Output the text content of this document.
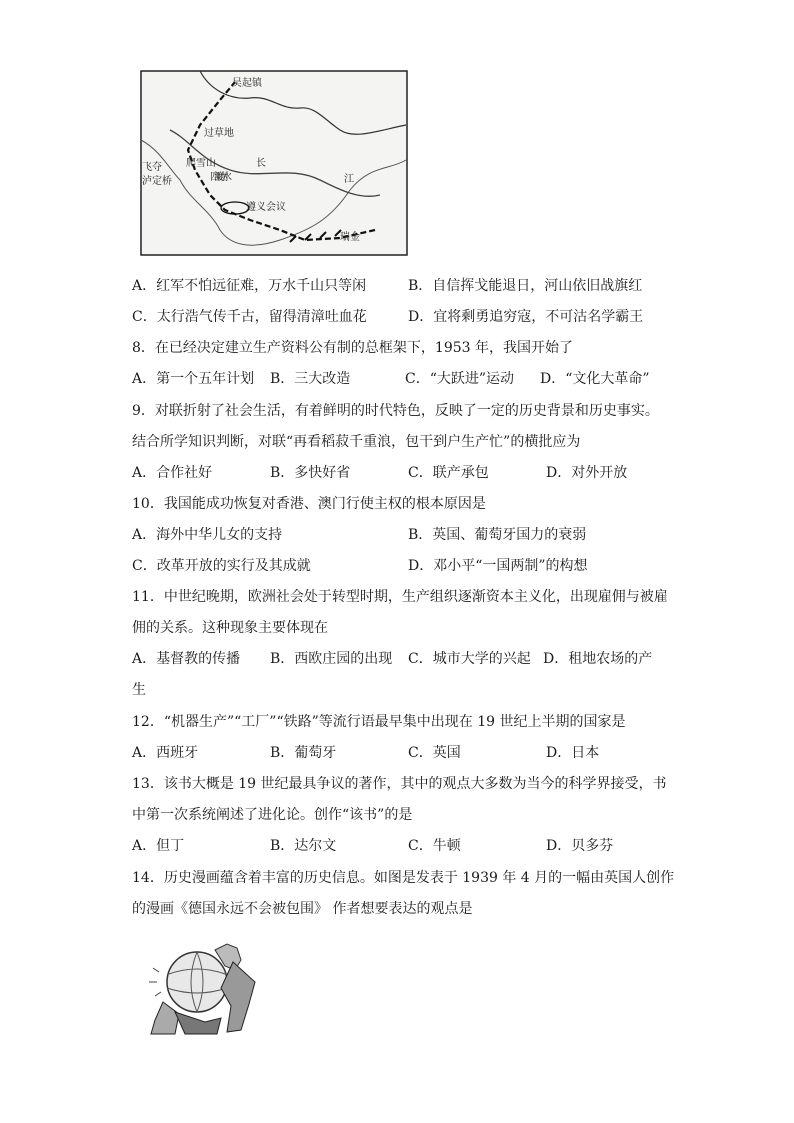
吴起镇
过草地
爬雪山
四渡赤水
遵义会议
长
江
瑞金
飞夺
泸定桥
A．红军不怕远征难，万水千山只等闲	B．自信挥戈能退日，河山依旧战旗红
C．太行浩气传千古，留得清漳吐血花	D．宜将剩勇追穷寇，不可沽名学霸王
8．在已经决定建立生产资料公有制的总框架下，1953 年，我国开始了
A．第一个五年计划 B．三大改造	C．“大跃进”运动 D．“文化大革命”
9．对联折射了社会生活，有着鲜明的时代特色，反映了一定的历史背景和历史事实。
结合所学知识判断，对联“再看稻菽千重浪，包干到户生产忙”的横批应为
A．合作社好	B．多快好省	C．联产承包	D．对外开放
10．我国能成功恢复对香港、澳门行使主权的根本原因是
A．海外中华儿女的支持	B．英国、葡萄牙国力的衰弱
C．改革开放的实行及其成就	D．邓小平“一国两制”的构想
11．中世纪晚期，欧洲社会处于转型时期，生产组织逐渐资本主义化，出现雇佣与被雇
佣的关系。这种现象主要体现在
A．基督教的传播 B．西欧庄园的出现 C．城市大学的兴起 D．租地农场的产
生
12．“机器生产”“工厂”“铁路”等流行语最早集中出现在 19 世纪上半期的国家是
A．西班牙	B．葡萄牙	C．英国	D．日本
13．该书大概是 19 世纪最具争议的著作，其中的观点大多数为当今的科学界接受，书
中第一次系统阐述了进化论。创作“该书”的是
A．但丁	B．达尔文	C．牛顿	D．贝多芬
14．历史漫画蕴含着丰富的历史信息。如图是发表于 1939 年 4 月的一幅由英国人创作
的漫画《德国永远不会被包围》 作者想要表达的观点是
